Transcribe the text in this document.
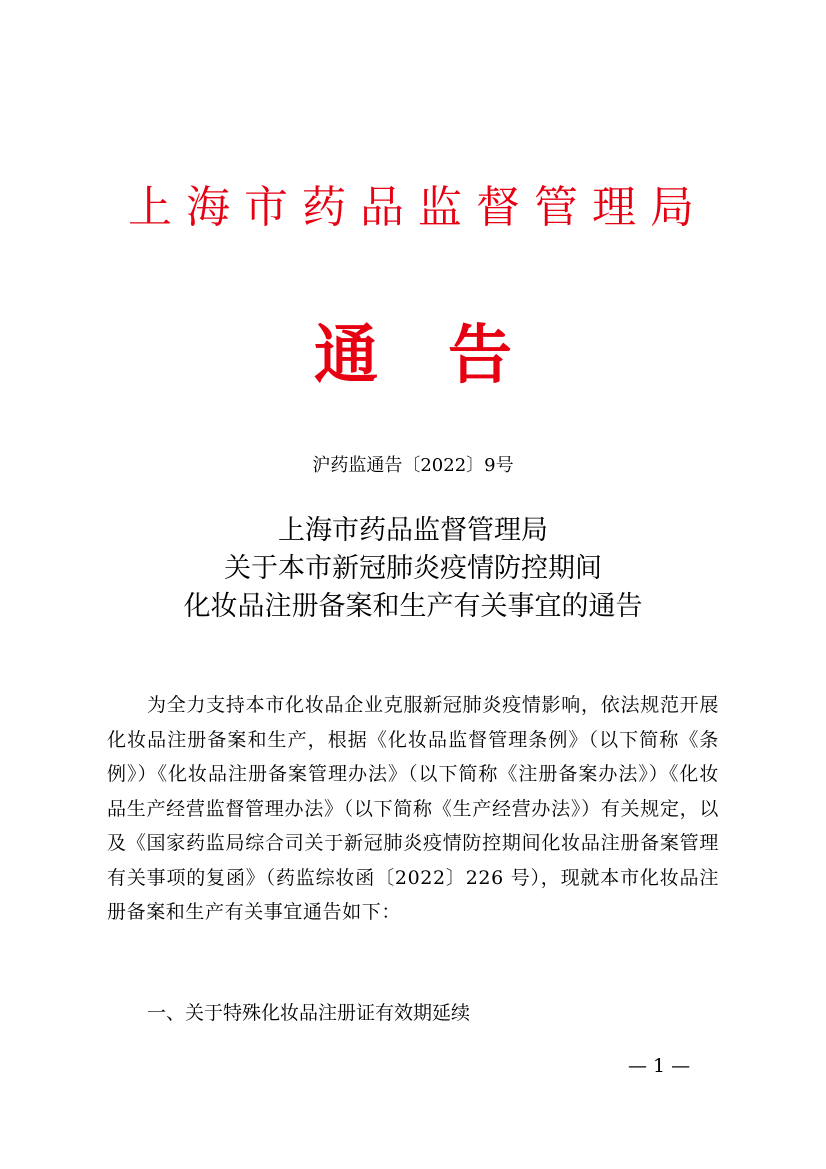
上海市药品监督管理局
通 告
沪药监通告〔2022〕9号
上海市药品监督管理局
关于本市新冠肺炎疫情防控期间
化妆品注册备案和生产有关事宜的通告
为全力支持本市化妆品企业克服新冠肺炎疫情影响，依法规范开展化妆品注册备案和生产，根据《化妆品监督管理条例》（以下简称《条例》）《化妆品注册备案管理办法》（以下简称《注册备案办法》）《化妆品生产经营监督管理办法》（以下简称《生产经营办法》）有关规定，以及《国家药监局综合司关于新冠肺炎疫情防控期间化妆品注册备案管理有关事项的复函》（药监综妆函〔2022〕226 号），现就本市化妆品注册备案和生产有关事宜通告如下：
一、关于特殊化妆品注册证有效期延续
— 1 —
